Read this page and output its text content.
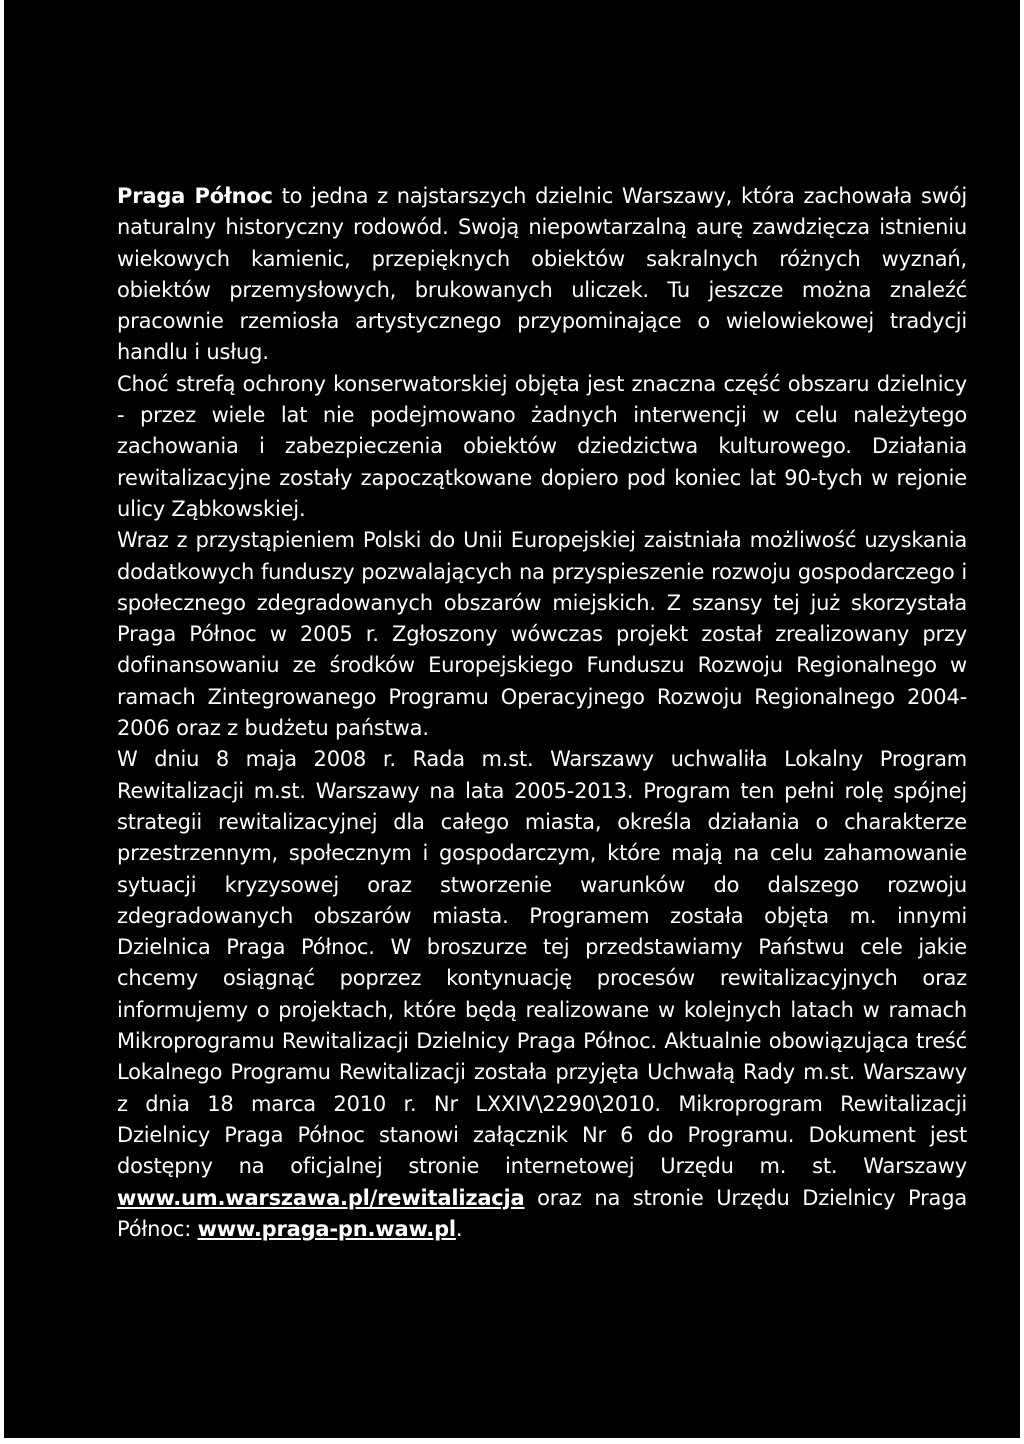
Praga Północ to jedna z najstarszych dzielnic Warszawy, która zachowała swój naturalny historyczny rodowód. Swoją niepowtarzalną aurę zawdzięcza istnieniu wiekowych kamienic, przepięknych obiektów sakralnych różnych wyznań, obiektów przemysłowych, brukowanych uliczek. Tu jeszcze można znaleźć pracownie rzemiosła artystycznego przypominające o wielowiekowej tradycji handlu i usług.

Choć strefą ochrony konserwatorskiej objęta jest znaczna część obszaru dzielnicy - przez wiele lat nie podejmowano żadnych interwencji w celu należytego zachowania i zabezpieczenia obiektów dziedzictwa kulturowego. Działania rewitalizacyjne zostały zapoczątkowane dopiero pod koniec lat 90-tych w rejonie ulicy Ząbkowskiej.

Wraz z przystąpieniem Polski do Unii Europejskiej zaistniała możliwość uzyskania dodatkowych funduszy pozwalających na przyspieszenie rozwoju gospodarczego i społecznego zdegradowanych obszarów miejskich. Z szansy tej już skorzystała Praga Północ w 2005 r. Zgłoszony wówczas projekt został zrealizowany przy dofinansowaniu ze środków Europejskiego Funduszu Rozwoju Regionalnego w ramach Zintegrowanego Programu Operacyjnego Rozwoju Regionalnego 2004-2006 oraz z budżetu państwa.

W dniu 8 maja 2008 r. Rada m.st. Warszawy uchwaliła Lokalny Program Rewitalizacji m.st. Warszawy na lata 2005-2013. Program ten pełni rolę spójnej strategii rewitalizacyjnej dla całego miasta, określa działania o charakterze przestrzennym, społecznym i gospodarczym, które mają na celu zahamowanie sytuacji kryzysowej oraz stworzenie warunków do dalszego rozwoju zdegradowanych obszarów miasta. Programem została objęta m. innymi Dzielnica Praga Północ. W broszurze tej przedstawiamy Państwu cele jakie chcemy osiągnąć poprzez kontynuację procesów rewitalizacyjnych oraz informujemy o projektach, które będą realizowane w kolejnych latach w ramach Mikroprogramu Rewitalizacji Dzielnicy Praga Północ. Aktualnie obowiązująca treść Lokalnego Programu Rewitalizacji została przyjęta Uchwałą Rady m.st. Warszawy z dnia 18 marca 2010 r. Nr LXXIV\2290\2010. Mikroprogram Rewitalizacji Dzielnicy Praga Północ stanowi załącznik Nr 6 do Programu. Dokument jest dostępny na oficjalnej stronie internetowej Urzędu m. st. Warszawy www.um.warszawa.pl/rewitalizacja oraz na stronie Urzędu Dzielnicy Praga Północ: www.praga-pn.waw.pl.
